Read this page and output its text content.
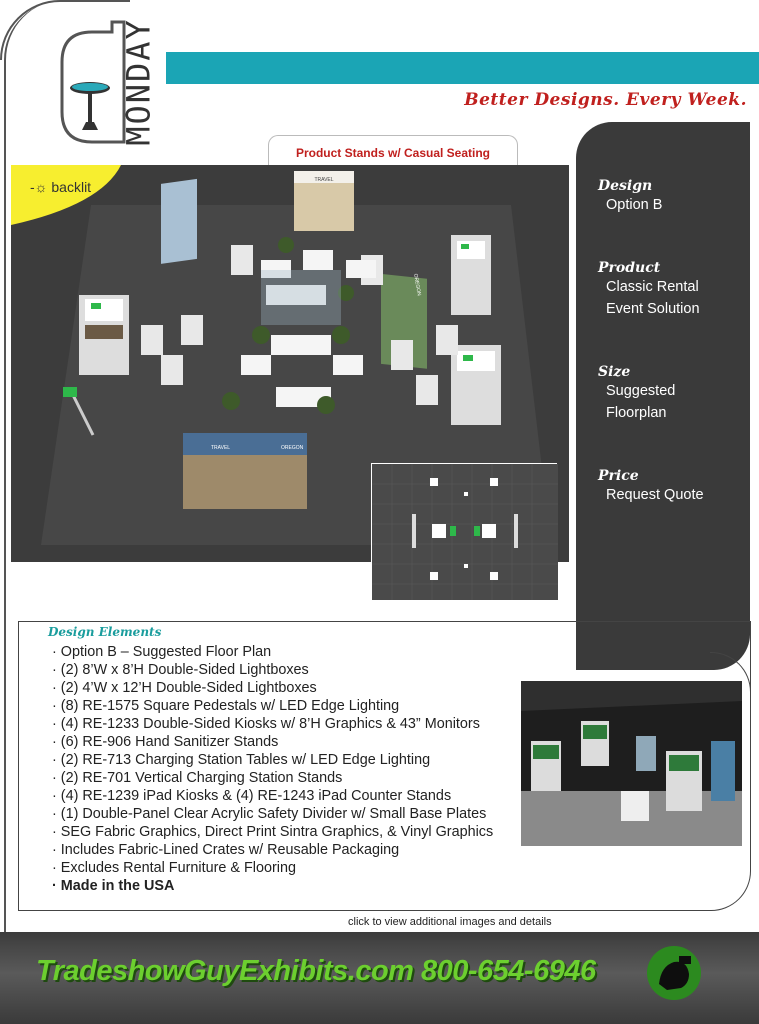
MONDAY	Better Designs. Every Week.
Product Stands w/ Casual Seating
TRAVEL
OREGON
TRAVEL	OREGON
-☼ backlit	Design
Option B
Product
Classic Rental
Event Solution
Size
Suggested
Floorplan
Price
Request Quote
Design Elements
· Option B – Suggested Floor Plan
· (2) 8’W x 8’H Double-Sided Lightboxes
· (2) 4’W x 12’H Double-Sided Lightboxes
· (8) RE-1575 Square Pedestals w/ LED Edge Lighting
· (4) RE-1233 Double-Sided Kiosks w/ 8’H Graphics & 43” Monitors
· (6) RE-906 Hand Sanitizer Stands
· (2) RE-713 Charging Station Tables w/ LED Edge Lighting
· (2) RE-701 Vertical Charging Station Stands
· (4) RE-1239 iPad Kiosks & (4) RE-1243 iPad Counter Stands
· (1) Double-Panel Clear Acrylic Safety Divider w/ Small Base Plates
· SEG Fabric Graphics, Direct Print Sintra Graphics, & Vinyl Graphics
· Includes Fabric-Lined Crates w/ Reusable Packaging
· Excludes Rental Furniture & Flooring
· Made in the USA
click to view additional images and details
TradeshowGuyExhibits.com 800-654-6946
